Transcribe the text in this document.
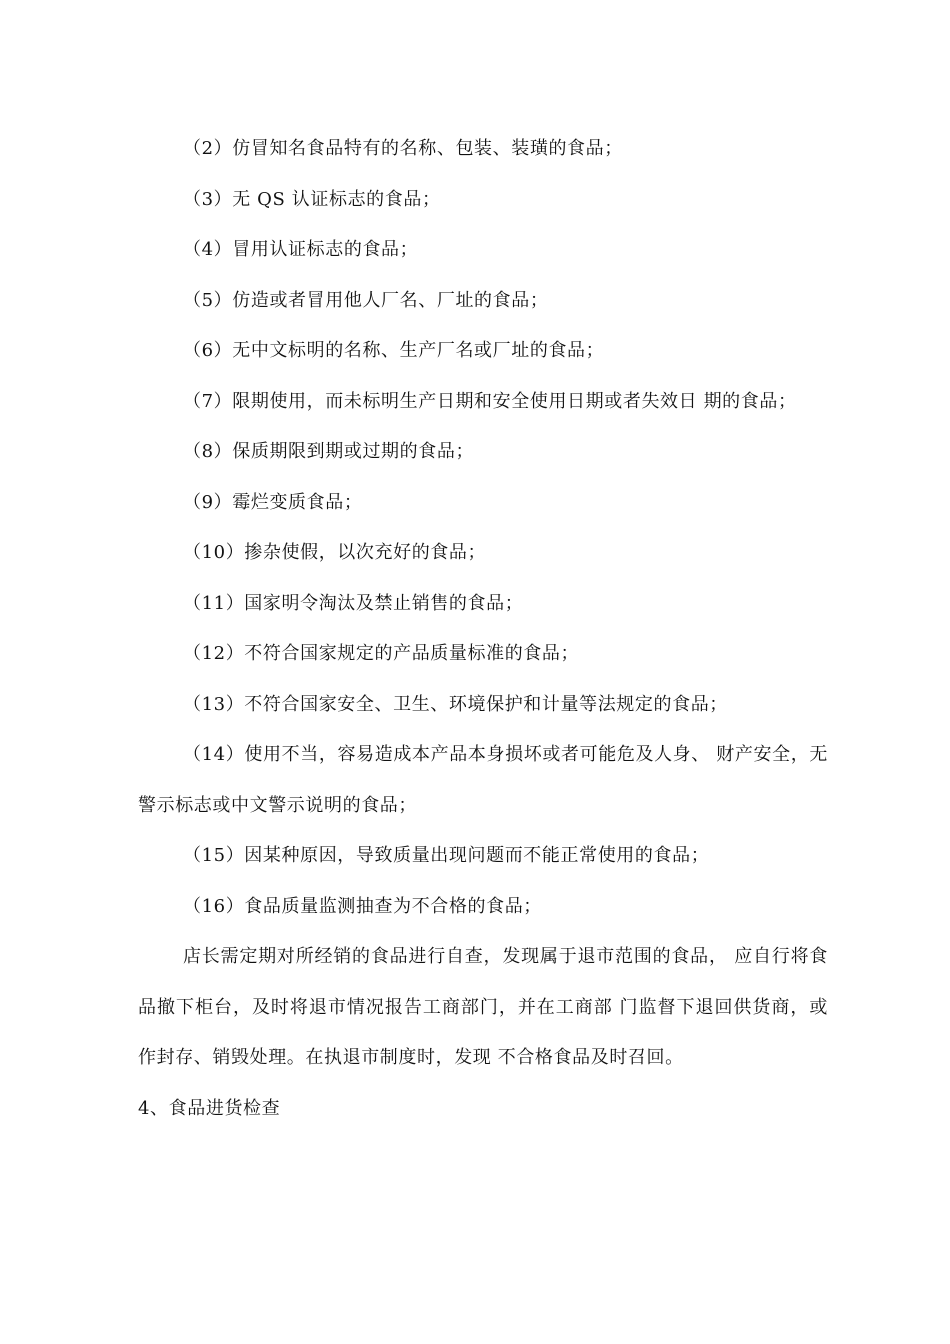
（2）仿冒知名食品特有的名称、包装、装璜的食品；

（3）无 QS 认证标志的食品；

（4）冒用认证标志的食品；

（5）仿造或者冒用他人厂名、厂址的食品；

（6）无中文标明的名称、生产厂名或厂址的食品；

（7）限期使用，而未标明生产日期和安全使用日期或者失效日 期的食品；

（8）保质期限到期或过期的食品；

（9）霉烂变质食品；

（10）掺杂使假，以次充好的食品；

（11）国家明令淘汰及禁止销售的食品；

（12）不符合国家规定的产品质量标准的食品；

（13）不符合国家安全、卫生、环境保护和计量等法规定的食品；

（14）使用不当，容易造成本产品本身损坏或者可能危及人身、 财产安全，无警示标志或中文警示说明的食品；

（15）因某种原因，导致质量出现问题而不能正常使用的食品；

（16）食品质量监测抽查为不合格的食品；

店长需定期对所经销的食品进行自查，发现属于退市范围的食品， 应自行将食品撤下柜台，及时将退市情况报告工商部门，并在工商部 门监督下退回供货商，或作封存、销毁处理。在执退市制度时，发现 不合格食品及时召回。

4、食品进货检查
